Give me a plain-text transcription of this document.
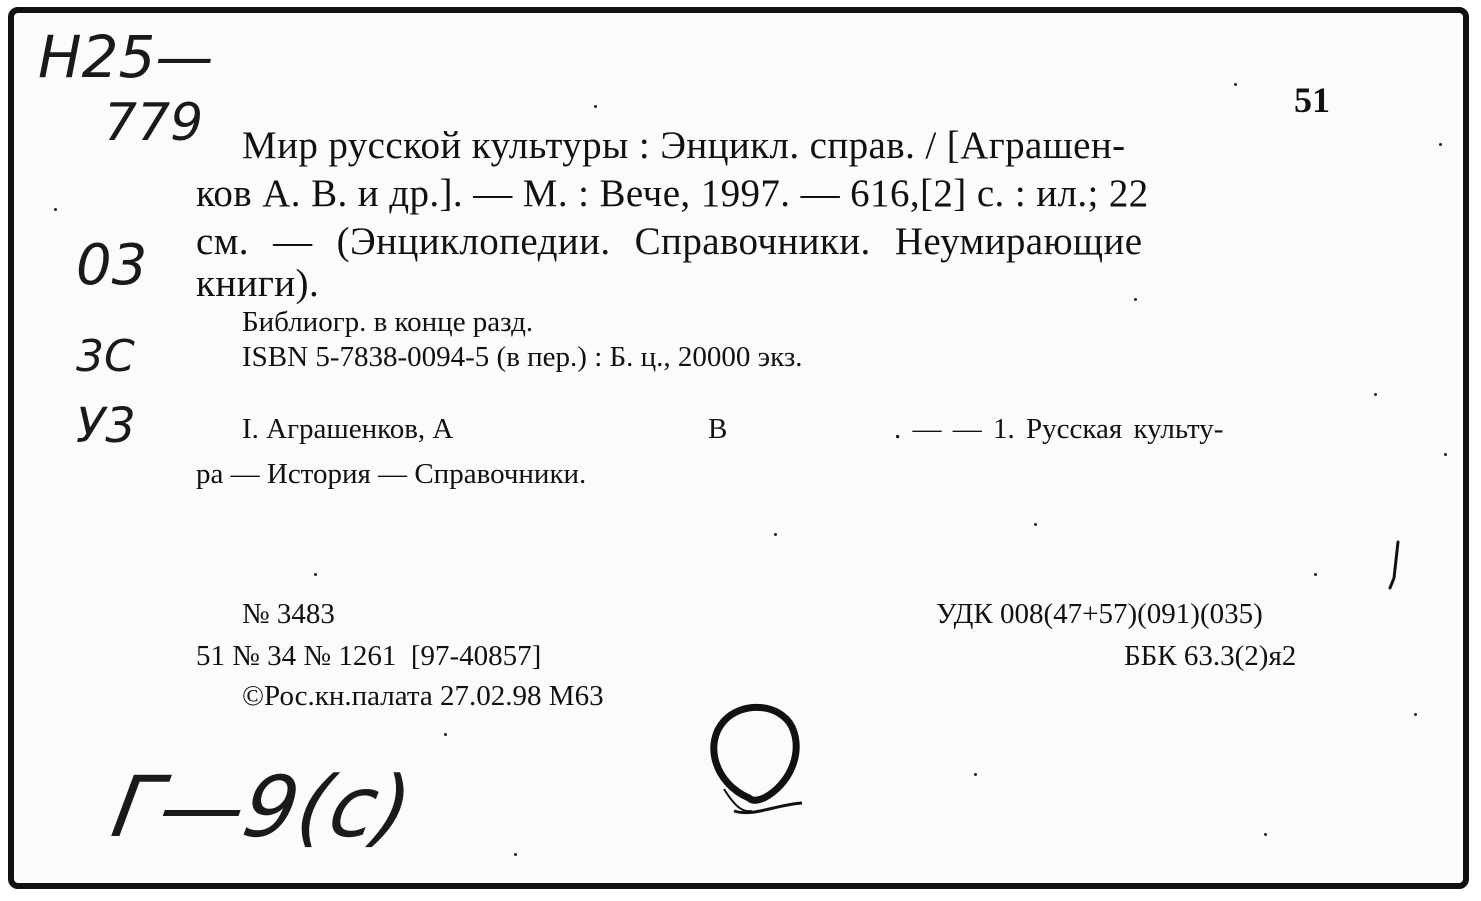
Н25—
779
03
3С
У3
Г—9(с)
51
Мир русской культуры : Энцикл. справ. / [Аграшен-
ков А. В. и др.]. — М. : Вече, 1997. — 616,[2] с. : ил.; 22
см. — (Энциклопедии. Справочники. Неумирающие
книги).
Библиогр. в конце разд.
ISBN 5-7838-0094-5 (в пер.) : Б. ц., 20000 экз.
I. Аграшенков, А	В	. — — 1. Русская культу-
ра — История — Справочники.
№ 3483
51 № 34 № 1261  [97-40857]
©Рос.кн.палата 27.02.98 М63
УДК 008(47+57)(091)(035)
ББК 63.3(2)я2
